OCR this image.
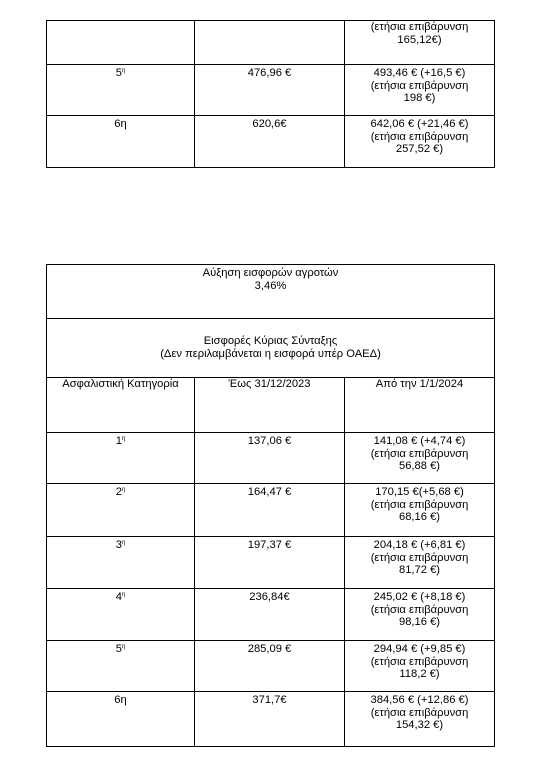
		(ετήσια επιβάρυνση
165,12€)

$5^\eta$	476,96 €	493,46 € (+16,5 €)
(ετήσια επιβάρυνση
198 €)

6η	620,6€	642,06 € (+21,46 €)
(ετήσια επιβάρυνση
257,52 €)
Αύξηση εισφορών αγροτών
3,46%		

Εισφορές Κύριας Σύνταξης
(Δεν περιλαμβάνεται η εισφορά υπέρ ΟΑΕΔ)		

Ασφαλιστική Κατηγορία	Έως 31/12/2023	Από την 1/1/2024
$1^\eta$	137,06 €	141,08 € (+4,74 €)
(ετήσια επιβάρυνση
56,88 €)

$2^\eta$	164,47 €	170,15 €(+5,68 €)
(ετήσια επιβάρυνση
68,16 €)

$3^\eta$	197,37 €	204,18 € (+6,81 €)
(ετήσια επιβάρυνση
81,72 €)

$4^\eta$	236,84€	245,02 € (+8,18 €)
(ετήσια επιβάρυνση
98,16 €)

$5^\eta$	285,09 €	294,94 € (+9,85 €)
(ετήσια επιβάρυνση
118,2 €)

6η	371,7€	384,56 € (+12,86 €)
(ετήσια επιβάρυνση
154,32 €)
